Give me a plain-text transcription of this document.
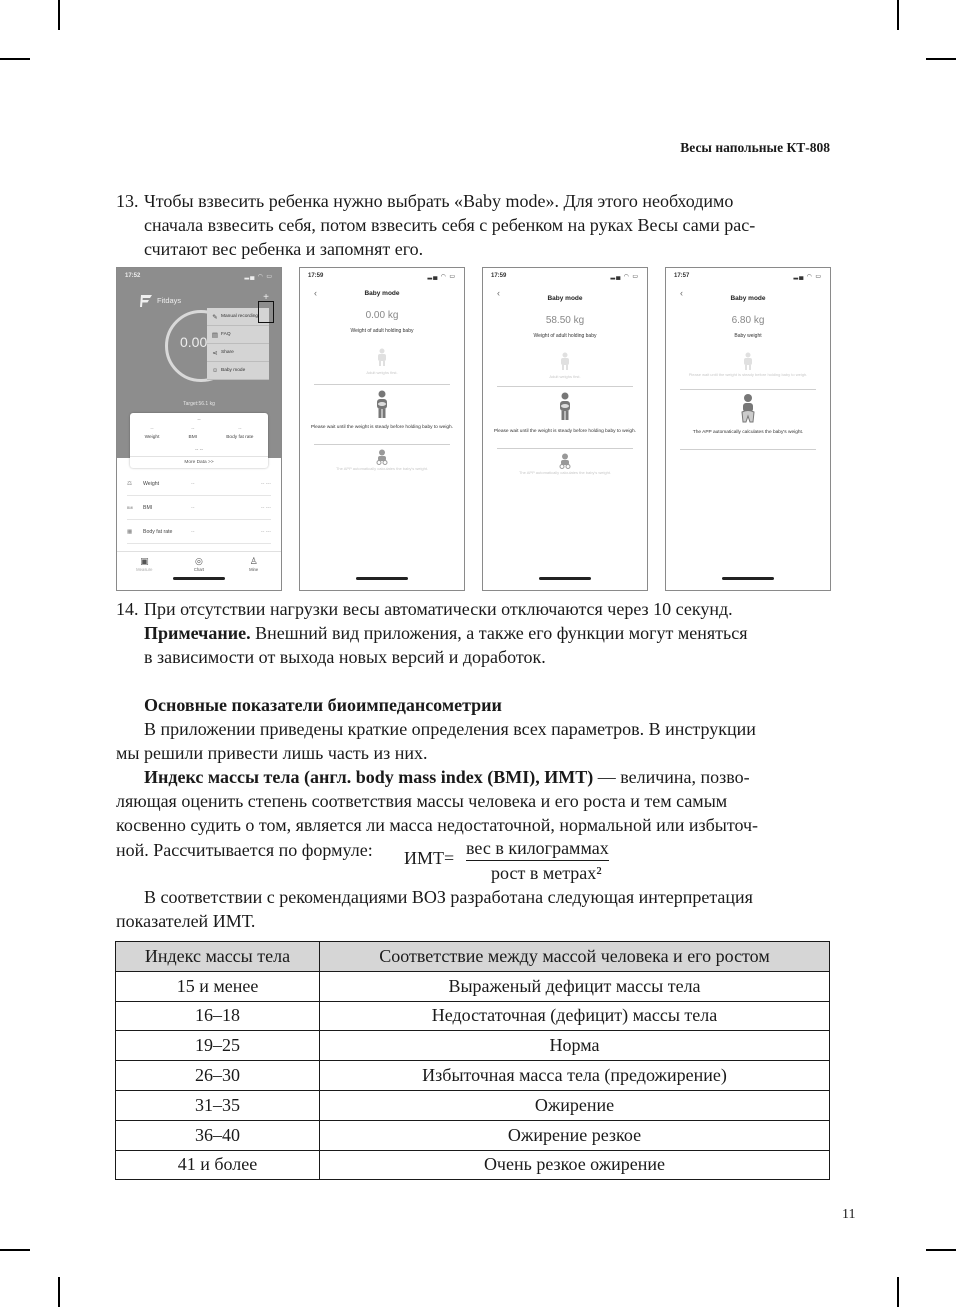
Весы напольные КТ-808
13. Чтобы взвесить ребенка нужно выбрать «Baby mode». Для этого необходимо
сначала взвесить себя, потом взвесить себя с ребенком на руках Весы сами рас-
считают вес ребенка и запомнят его.
17:52	▂▄ ◠ ▭
Fitdays	+
0.00
✎ Manual recording
▤ FAQ
⋖ Share
☺ Baby mode
Target:56.1 kg
--
--
Weight
--
BMI
--
Body fat rate
-- --
More Data >>
⚖	Weight	--	-- ---
BMI	BMI	--	-- ---
▦	Body fat rate	--	-- ---
▣
Measure
◎
Chart
♙
Mine
17:59	▂▄ ◠ ▭
‹	Baby mode
0.00 kg
Weight of adult holding baby
Adult weighs first.
Please wait until the weight is steady before holding baby to weigh.
The APP automatically calculates the baby's weight.
17:59	▂▄ ◠ ▭
‹
Baby mode
58.50 kg
Weight of adult holding baby
Adult weighs first.
Please wait until the weight is steady before holding baby to weigh.
The APP automatically calculates the baby's weight.
17:57	▂▄ ◠ ▭
‹
Baby mode
6.80 kg
Baby weight
Please wait until the weight is steady before holding baby to weigh.
The APP automatically calculates the baby's weight.
14. При отсутствии нагрузки весы автоматически отключаются через 10 секунд.
Примечание. Внешний вид приложения, а также его функции могут меняться
в зависимости от выхода новых версий и доработок.
Основные показатели биоимпедансометрии
В приложении приведены краткие определения всех параметров. В инструкции
мы решили привести лишь часть из них.
Индекс массы тела (англ. body mass index (BMI), ИМТ) — величина, позво-
ляющая оценить степень соответствия массы человека и его роста и тем самым
косвенно судить о том, является ли масса недостаточной, нормальной или избыточ-
ной. Рассчитывается по формуле: ИМТ= вес в килограммах
рост в метрах²
В соответствии с рекомендациями ВОЗ разработана следующая интерпретация
показателей ИМТ.
Индекс массы тела	Соответствие между массой человека и его ростом
15 и менее	Выраженый дефицит массы тела
16–18	Недостаточная (дефицит) массы тела
19–25	Норма
26–30	Избыточная масса тела (предожирение)
31–35	Ожирение
36–40	Ожирение резкое
41 и более	Очень резкое ожирение
11
